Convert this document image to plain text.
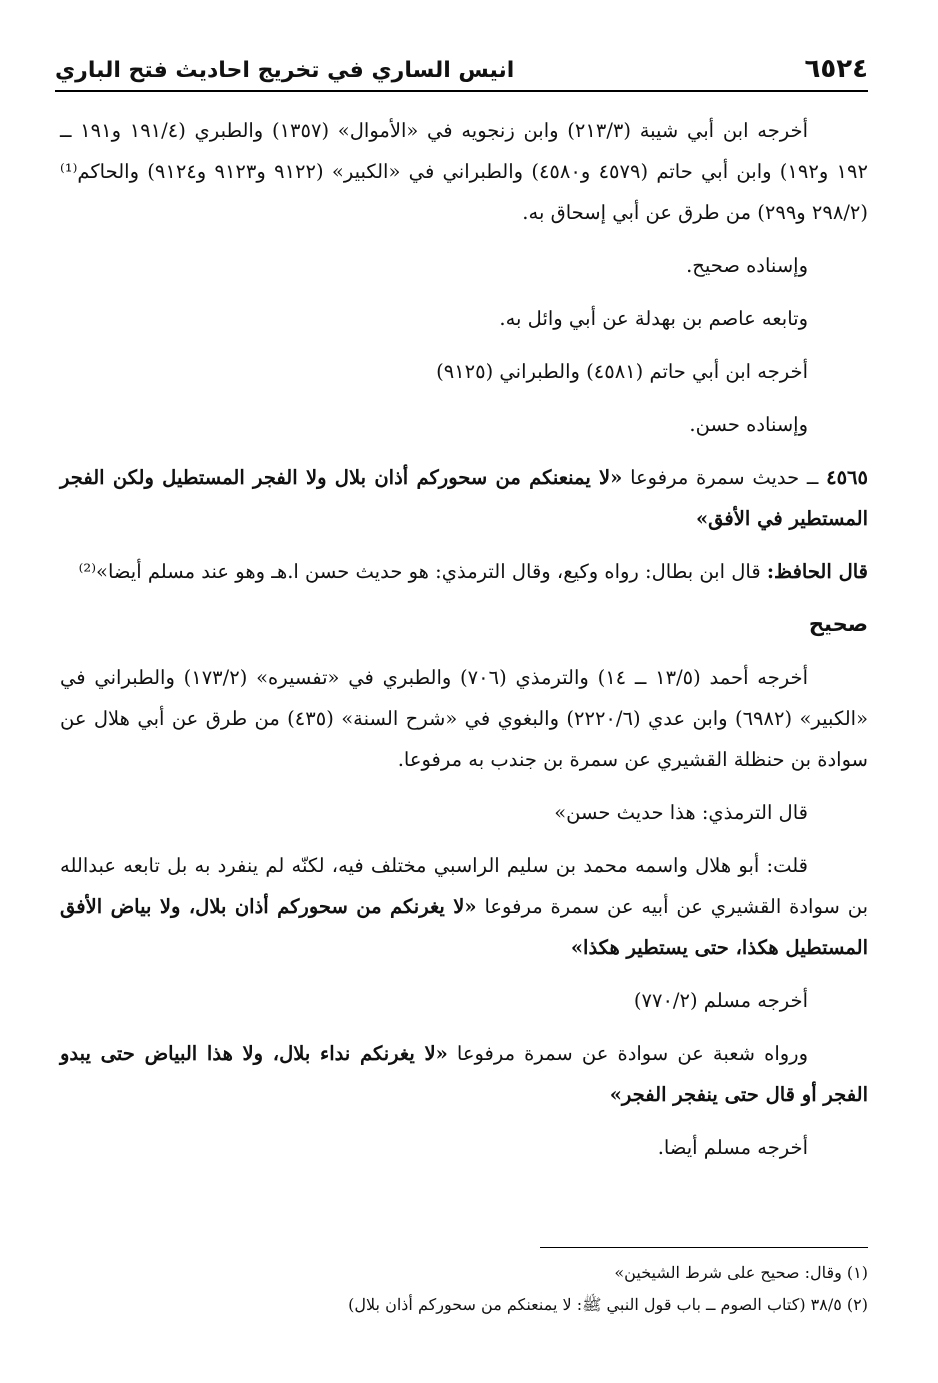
٦٥٢٤
انيس الساري في تخريج احاديث فتح الباري

أخرجه ابن أبي شيبة (٢١٣/٣) وابن زنجويه في «الأموال» (١٣٥٧) والطبري (١٩١/٤ و١٩١ ــ ١٩٢ و١٩٢) وابن أبي حاتم (٤٥٧٩ و٤٥٨٠) والطبراني في «الكبير» (٩١٢٢ و٩١٢٣ و٩١٢٤) والحاكم⁽¹⁾ (٢٩٨/٢ و٢٩٩) من طرق عن أبي إسحاق به.

وإسناده صحيح.

وتابعه عاصم بن بهدلة عن أبي وائل به.

أخرجه ابن أبي حاتم (٤٥٨١) والطبراني (٩١٢٥)

وإسناده حسن.

٤٥٦٥ ــ حديث سمرة مرفوعا «لا يمنعنكم من سحوركم أذان بلال ولا الفجر المستطيل ولكن الفجر المستطير في الأفق»

قال الحافظ: قال ابن بطال: رواه وكيع، وقال الترمذي: هو حديث حسن ا.هـ وهو عند مسلم أيضا»⁽²⁾

صحيح

أخرجه أحمد (١٣/٥ ــ ١٤) والترمذي (٧٠٦) والطبري في «تفسيره» (١٧٣/٢) والطبراني في «الكبير» (٦٩٨٢) وابن عدي (٢٢٢٠/٦) والبغوي في «شرح السنة» (٤٣٥) من طرق عن أبي هلال عن سوادة بن حنظلة القشيري عن سمرة بن جندب به مرفوعا.

قال الترمذي: هذا حديث حسن»

قلت: أبو هلال واسمه محمد بن سليم الراسبي مختلف فيه، لكنّه لم ينفرد به بل تابعه عبدالله بن سوادة القشيري عن أبيه عن سمرة مرفوعا «لا يغرنكم من سحوركم أذان بلال، ولا بياض الأفق المستطيل هكذا، حتى يستطير هكذا»

أخرجه مسلم (٧٧٠/٢)

ورواه شعبة عن سوادة عن سمرة مرفوعا «لا يغرنكم نداء بلال، ولا هذا البياض حتى يبدو الفجر أو قال حتى ينفجر الفجر»

أخرجه مسلم أيضا.

(١) وقال: صحيح على شرط الشيخين»
(٢) ٣٨/٥ (كتاب الصوم ــ باب قول النبي ﷺ: لا يمنعنكم من سحوركم أذان بلال)
